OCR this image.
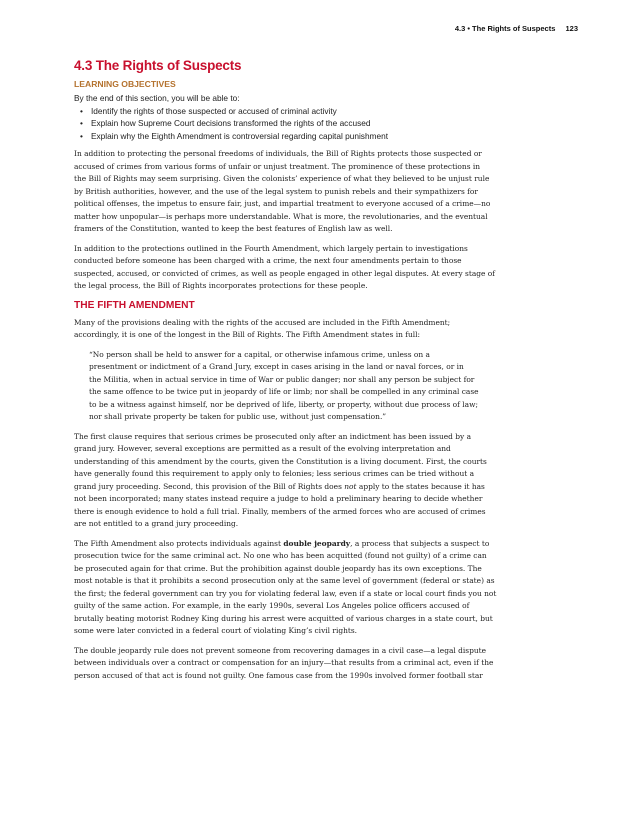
4.3 • The Rights of Suspects 123
4.3 The Rights of Suspects
LEARNING OBJECTIVES
By the end of this section, you will be able to:
• Identify the rights of those suspected or accused of criminal activity
• Explain how Supreme Court decisions transformed the rights of the accused
• Explain why the Eighth Amendment is controversial regarding capital punishment

In addition to protecting the personal freedoms of individuals, the Bill of Rights protects those suspected or
accused of crimes from various forms of unfair or unjust treatment. The prominence of these protections in
the Bill of Rights may seem surprising. Given the colonists’ experience of what they believed to be unjust rule
by British authorities, however, and the use of the legal system to punish rebels and their sympathizers for
political offenses, the impetus to ensure fair, just, and impartial treatment to everyone accused of a crime—no
matter how unpopular—is perhaps more understandable. What is more, the revolutionaries, and the eventual
framers of the Constitution, wanted to keep the best features of English law as well.

In addition to the protections outlined in the Fourth Amendment, which largely pertain to investigations
conducted before someone has been charged with a crime, the next four amendments pertain to those
suspected, accused, or convicted of crimes, as well as people engaged in other legal disputes. At every stage of
the legal process, the Bill of Rights incorporates protections for these people.

THE FIFTH AMENDMENT

Many of the provisions dealing with the rights of the accused are included in the Fifth Amendment;
accordingly, it is one of the longest in the Bill of Rights. The Fifth Amendment states in full:

“No person shall be held to answer for a capital, or otherwise infamous crime, unless on a
presentment or indictment of a Grand Jury, except in cases arising in the land or naval forces, or in
the Militia, when in actual service in time of War or public danger; nor shall any person be subject for
the same offence to be twice put in jeopardy of life or limb; nor shall be compelled in any criminal case
to be a witness against himself, nor be deprived of life, liberty, or property, without due process of law;
nor shall private property be taken for public use, without just compensation.”

The first clause requires that serious crimes be prosecuted only after an indictment has been issued by a
grand jury. However, several exceptions are permitted as a result of the evolving interpretation and
understanding of this amendment by the courts, given the Constitution is a living document. First, the courts
have generally found this requirement to apply only to felonies; less serious crimes can be tried without a
grand jury proceeding. Second, this provision of the Bill of Rights does not apply to the states because it has
not been incorporated; many states instead require a judge to hold a preliminary hearing to decide whether
there is enough evidence to hold a full trial. Finally, members of the armed forces who are accused of crimes
are not entitled to a grand jury proceeding.

The Fifth Amendment also protects individuals against double jeopardy, a process that subjects a suspect to
prosecution twice for the same criminal act. No one who has been acquitted (found not guilty) of a crime can
be prosecuted again for that crime. But the prohibition against double jeopardy has its own exceptions. The
most notable is that it prohibits a second prosecution only at the same level of government (federal or state) as
the first; the federal government can try you for violating federal law, even if a state or local court finds you not
guilty of the same action. For example, in the early 1990s, several Los Angeles police officers accused of
brutally beating motorist Rodney King during his arrest were acquitted of various charges in a state court, but
some were later convicted in a federal court of violating King’s civil rights.

The double jeopardy rule does not prevent someone from recovering damages in a civil case—a legal dispute
between individuals over a contract or compensation for an injury—that results from a criminal act, even if the
person accused of that act is found not guilty. One famous case from the 1990s involved former football star
